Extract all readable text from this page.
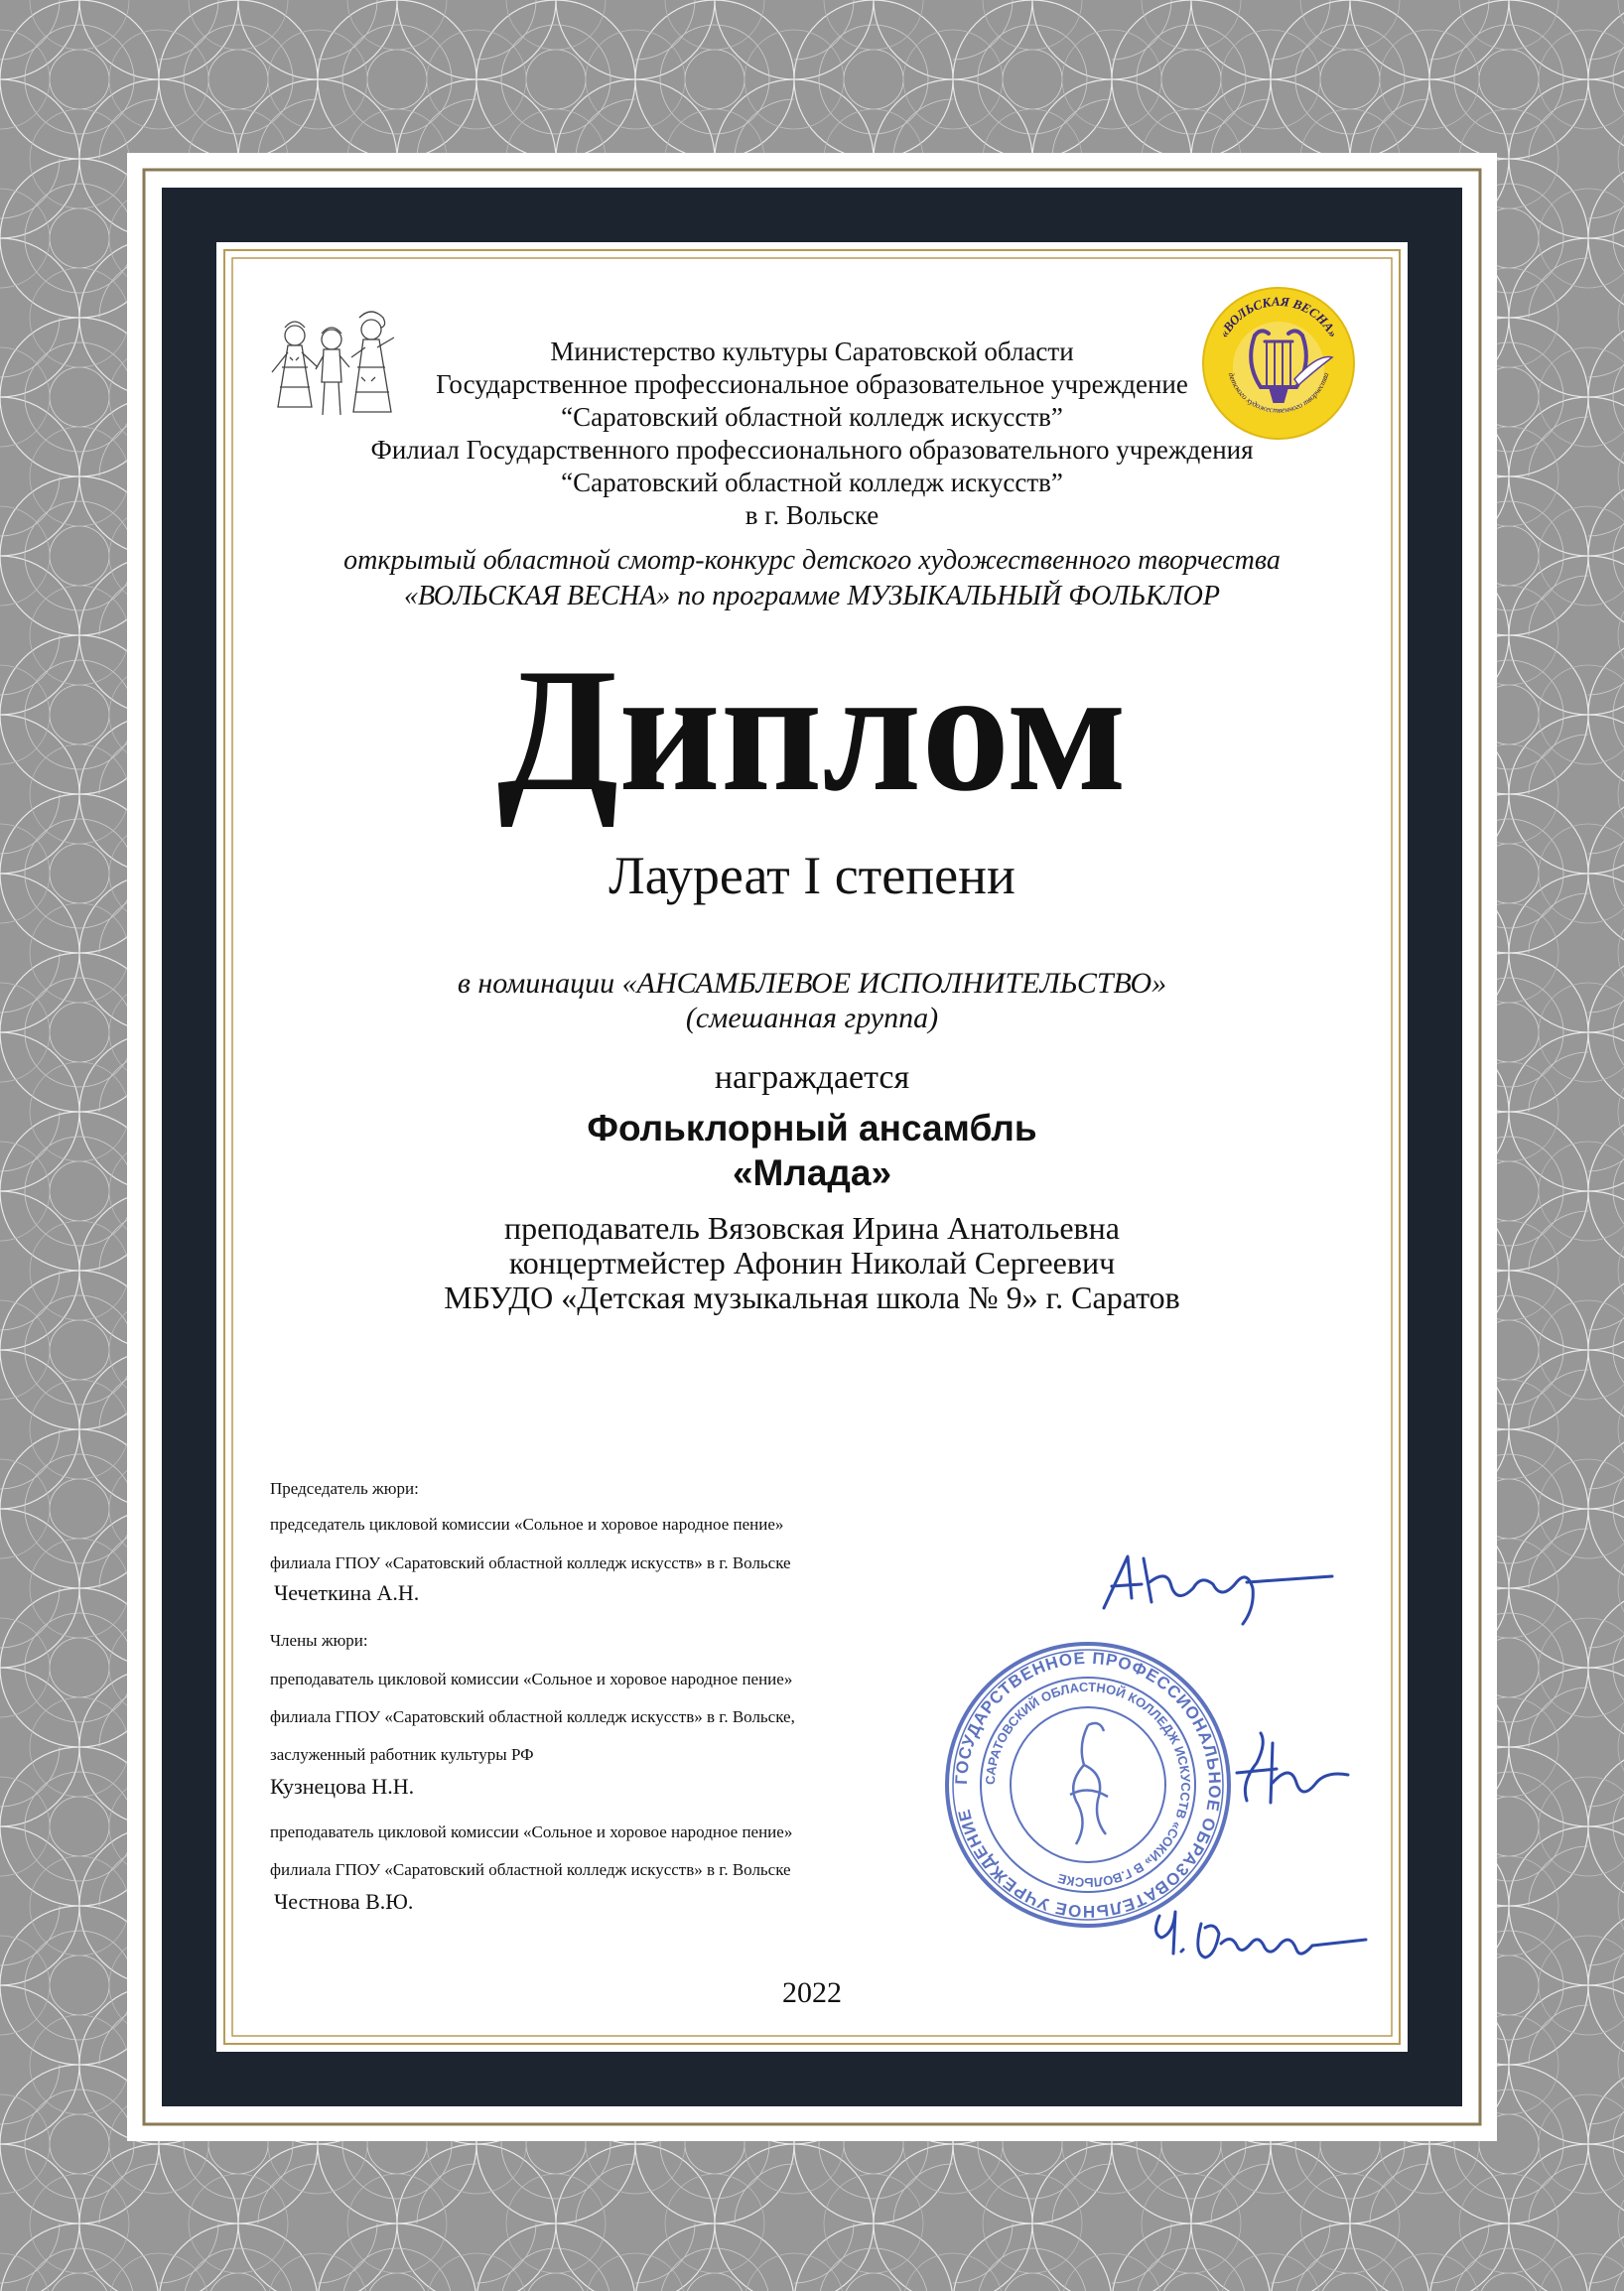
«ВОЛЬСКАЯ ВЕСНА»
детского художественного творчества
Министерство культуры Саратовской области
Государственное профессиональное образовательное учреждение
“Саратовский областной колледж искусств”
Филиал Государственного профессионального образовательного учреждения
“Саратовский областной колледж искусств”
в г. Вольске
открытый областной смотр-конкурс детского художественного творчества
«ВОЛЬСКАЯ ВЕСНА» по программе МУЗЫКАЛЬНЫЙ ФОЛЬКЛОР
Диплом
Лауреат I степени
в номинации «АНСАМБЛЕВОЕ ИСПОЛНИТЕЛЬСТВО»
(смешанная группа)
награждается
Фольклорный ансамбль
«Млада»
преподаватель Вязовская Ирина Анатольевна
концертмейстер Афонин Николай Сергеевич
МБУДО «Детская музыкальная школа № 9» г. Саратов
Председатель жюри:
председатель цикловой комиссии «Сольное и хоровое народное пение»
филиала ГПОУ «Саратовский областной колледж искусств» в г. Вольске
Чечеткина А.Н.
Члены жюри:
преподаватель цикловой комиссии «Сольное и хоровое народное пение»
филиала ГПОУ «Саратовский областной колледж искусств» в г. Вольске,
заслуженный работник культуры РФ
Кузнецова Н.Н.
преподаватель цикловой комиссии «Сольное и хоровое народное пение»
филиала ГПОУ «Саратовский областной колледж искусств» в г. Вольске
Честнова В.Ю.
2022
ГОСУДАРСТВЕННОЕ ПРОФЕССИОНАЛЬНОЕ ОБРАЗОВАТЕЛЬНОЕ УЧРЕЖДЕНИЕ
САРАТОВСКИЙ ОБЛАСТНОЙ КОЛЛЕДЖ ИСКУССТВ «СОКИ» В Г.ВОЛЬСКЕ
